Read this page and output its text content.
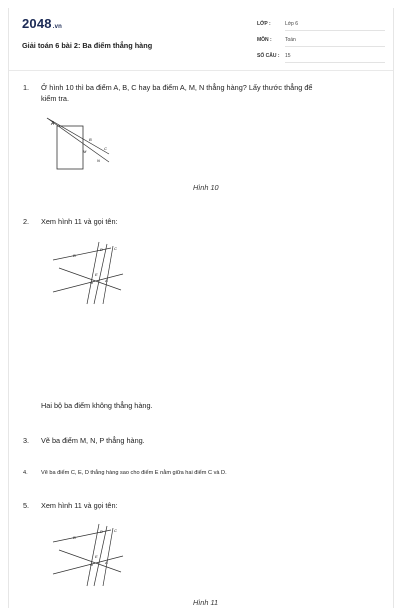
2048.vn
Giải toán 6 bài 2: Ba điểm thẳng hàng
LỚP :	Lớp 6
MÔN :	Toán
SỐ CÂU : 15
1.	Ở hình 10 thì ba điểm A, B, C hay ba điểm A, M, N thẳng hàng? Lấy thước thẳng để
kiểm tra.
A
B
C
M
N
Hình 10
2.	Xem hình 11 và gọi tên:
B
D	C
E
G	A
Hai bộ ba điểm không thẳng hàng.
3.	Vẽ ba điểm M, N, P thẳng hàng.
4.	Vẽ ba điểm C, E, D thẳng hàng sao cho điểm E nằm giữa hai điểm C và D.
5.	Xem hình 11 và gọi tên:
B
D	C
E
G	A
Hình 11
